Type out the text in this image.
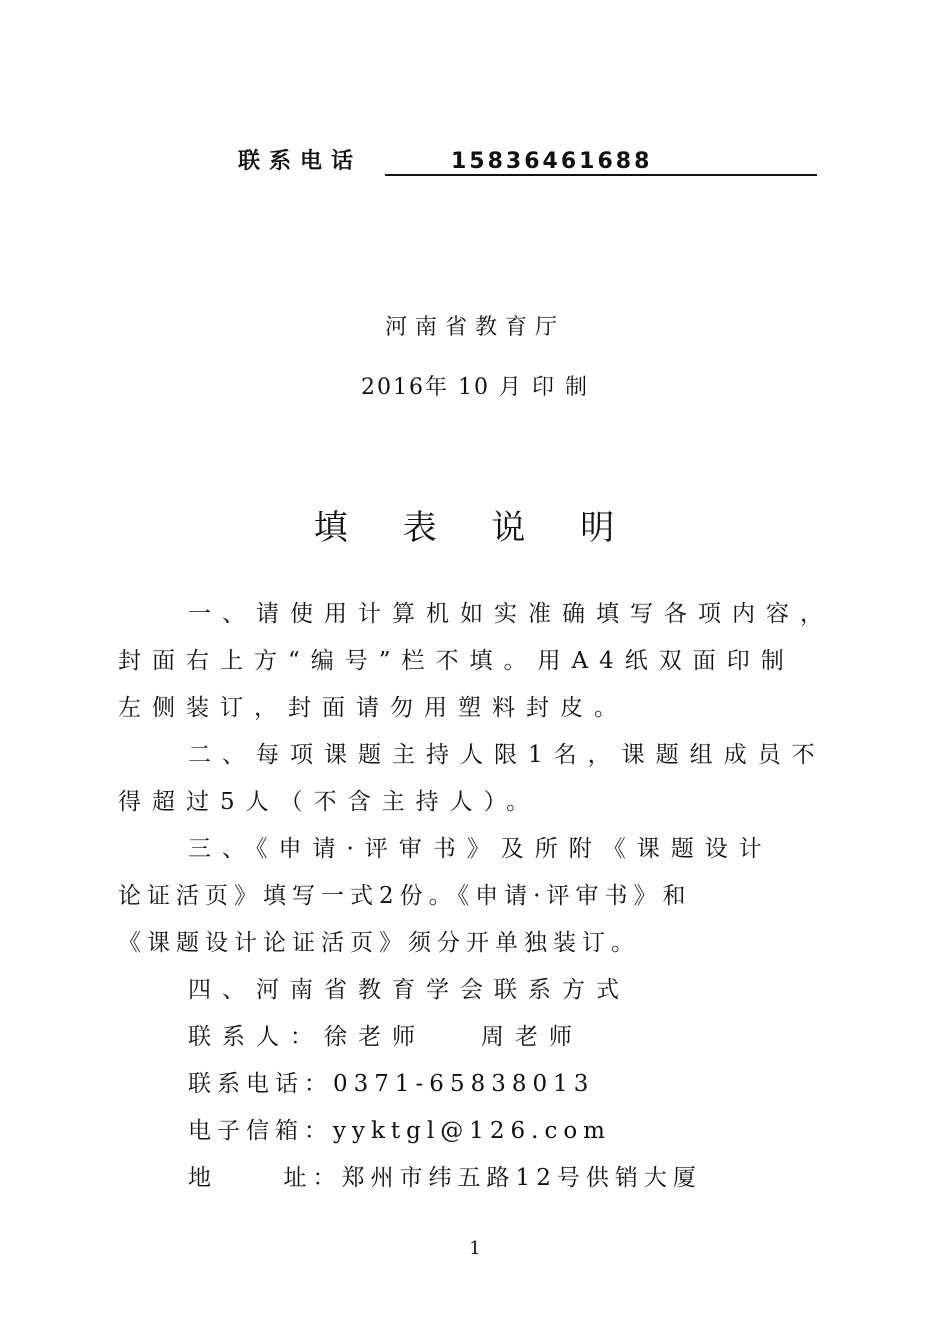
联系电话	15836461688
河南省教育厅
2016年 10 月 印 制
填 表 说 明
一、请使用计算机如实准确填写各项内容，
封面右上方“编号”栏不填。用A4纸双面印制
左侧装订，封面请勿用塑料封皮。
二、每项课题主持人限1名，课题组成员不
得超过5人（不含主持人）。
三、《申请·评审书》及所附《课题设计
论证活页》填写一式2份。《申请·评审书》和
《课题设计论证活页》须分开单独装订。
四、河南省教育学会联系方式
联系人：徐老师   周老师
联系电话：0371-65838013
电子信箱：yyktgl@126.com
地     址：郑州市纬五路12号供销大厦
1
